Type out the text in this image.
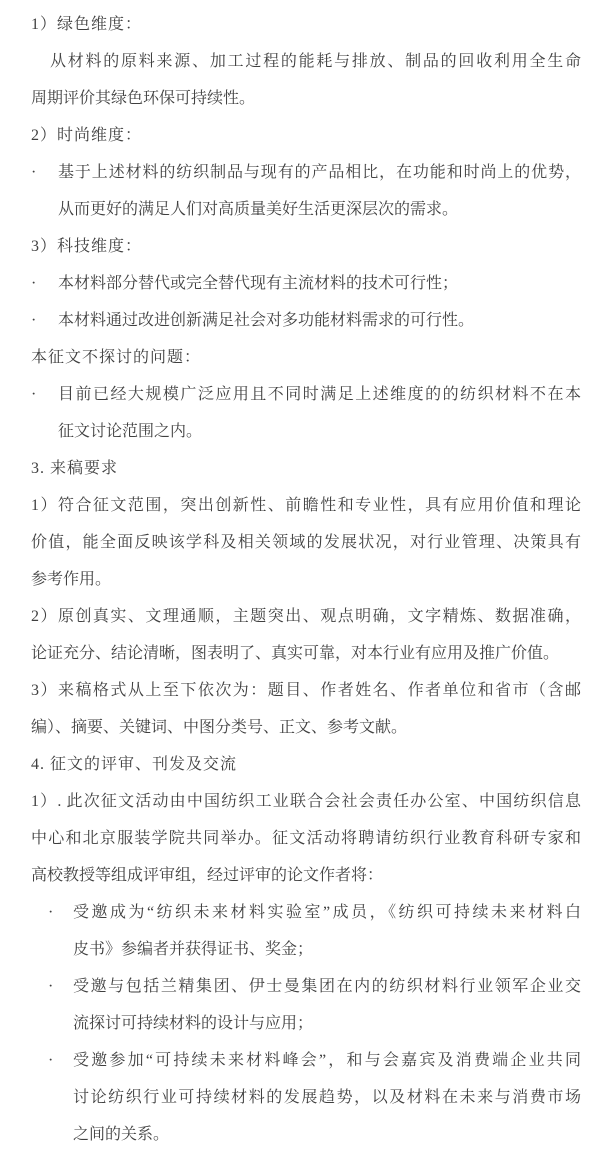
1）绿色维度：
从材料的原料来源、加工过程的能耗与排放、制品的回收利用全生命
周期评价其绿色环保可持续性。
2）时尚维度：
· 基于上述材料的纺织制品与现有的产品相比，在功能和时尚上的优势，
从而更好的满足人们对高质量美好生活更深层次的需求。
3）科技维度：
· 本材料部分替代或完全替代现有主流材料的技术可行性；
· 本材料通过改进创新满足社会对多功能材料需求的可行性。
本征文不探讨的问题：
· 目前已经大规模广泛应用且不同时满足上述维度的的纺织材料不在本
征文讨论范围之内。
3. 来稿要求
1）符合征文范围，突出创新性、前瞻性和专业性，具有应用价值和理论
价值，能全面反映该学科及相关领域的发展状况，对行业管理、决策具有
参考作用。
2）原创真实、文理通顺，主题突出、观点明确，文字精炼、数据准确，
论证充分、结论清晰，图表明了、真实可靠，对本行业有应用及推广价值。
3）来稿格式从上至下依次为：题目、作者姓名、作者单位和省市（含邮
编）、摘要、关键词、中图分类号、正文、参考文献。
4. 征文的评审、刊发及交流
1）. 此次征文活动由中国纺织工业联合会社会责任办公室、中国纺织信息
中心和北京服装学院共同举办。征文活动将聘请纺织行业教育科研专家和
高校教授等组成评审组，经过评审的论文作者将：
· 受邀成为“纺织未来材料实验室”成员，《纺织可持续未来材料白
皮书》参编者并获得证书、奖金；
· 受邀与包括兰精集团、伊士曼集团在内的纺织材料行业领军企业交
流探讨可持续材料的设计与应用；
· 受邀参加“可持续未来材料峰会”，和与会嘉宾及消费端企业共同
讨论纺织行业可持续材料的发展趋势，以及材料在未来与消费市场
之间的关系。
